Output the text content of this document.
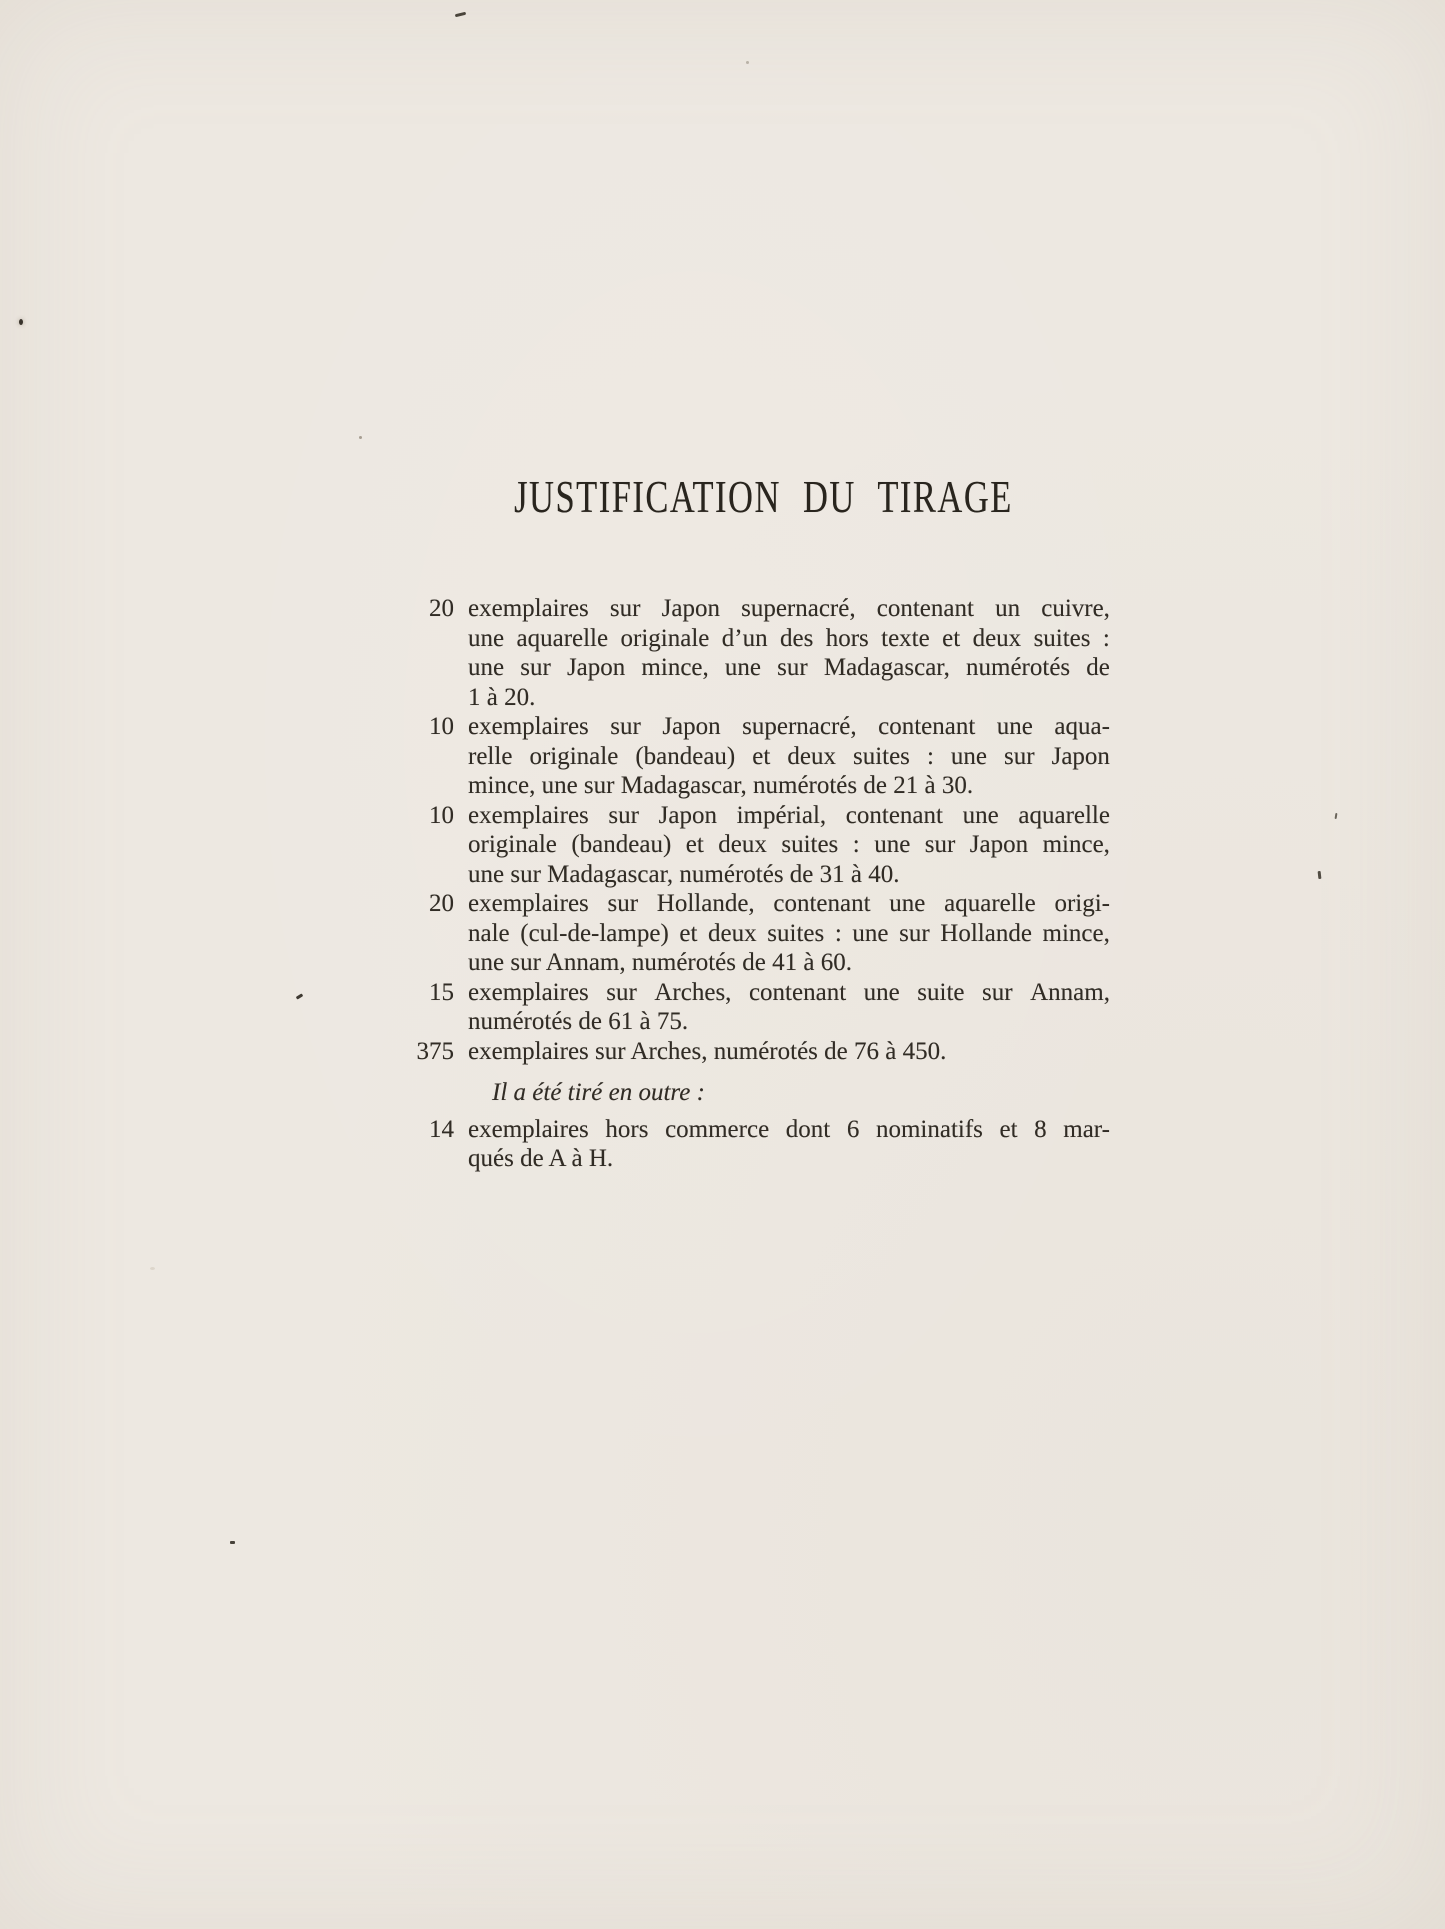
JUSTIFICATION DU TIRAGE
20 exemplaires sur Japon supernacré, contenant un cuivre,
une aquarelle originale d’un des hors texte et deux suites :
une sur Japon mince, une sur Madagascar, numérotés de
1 à 20.
10 exemplaires sur Japon supernacré, contenant une aqua-
relle originale (bandeau) et deux suites : une sur Japon
mince, une sur Madagascar, numérotés de 21 à 30.
10 exemplaires sur Japon impérial, contenant une aquarelle
originale (bandeau) et deux suites : une sur Japon mince,
une sur Madagascar, numérotés de 31 à 40.
20 exemplaires sur Hollande, contenant une aquarelle origi-
nale (cul-de-lampe) et deux suites : une sur Hollande mince,
une sur Annam, numérotés de 41 à 60.
15 exemplaires sur Arches, contenant une suite sur Annam,
numérotés de 61 à 75.
375 exemplaires sur Arches, numérotés de 76 à 450.
Il a été tiré en outre :
14 exemplaires hors commerce dont 6 nominatifs et 8 mar-
qués de A à H.
